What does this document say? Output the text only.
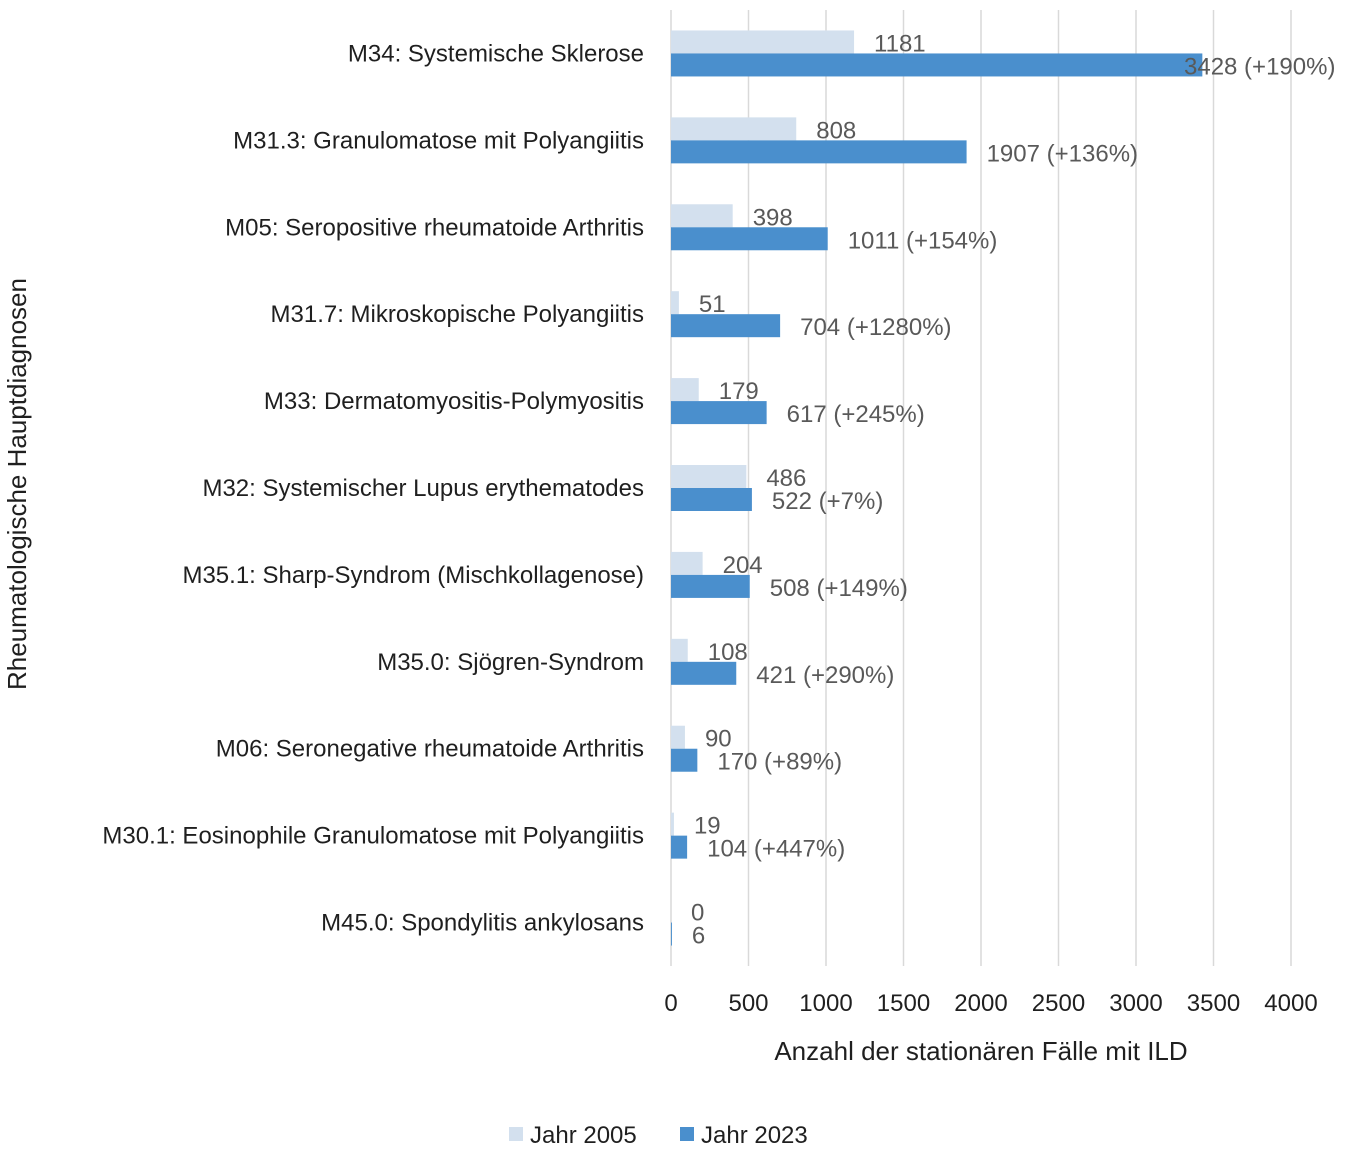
M34: Systemische Sklerose
M31.3: Granulomatose mit Polyangiitis
M05: Seropositive rheumatoide Arthritis
M31.7: Mikroskopische Polyangiitis
M33: Dermatomyositis-Polymyositis
M32: Systemischer Lupus erythematodes
M35.1: Sharp-Syndrom (Mischkollagenose)
M35.0: Sjögren-Syndrom
M06: Seronegative rheumatoide Arthritis
M30.1: Eosinophile Granulomatose mit Polyangiitis
M45.0: Spondylitis ankylosans
1181
3428 (+190%)
808
1907 (+136%)
398
1011 (+154%)
51
704 (+1280%)
179
617 (+245%)
486
522 (+7%)
204
508 (+149%)
108
421 (+290%)
90
170 (+89%)
19
104 (+447%)
0
6
0 500 1000 1500 2000 2500 3000 3500 4000
Anzahl der stationären Fälle mit ILD
Rheumatologische Hauptdiagnosen
Jahr 2005	Jahr 2023
